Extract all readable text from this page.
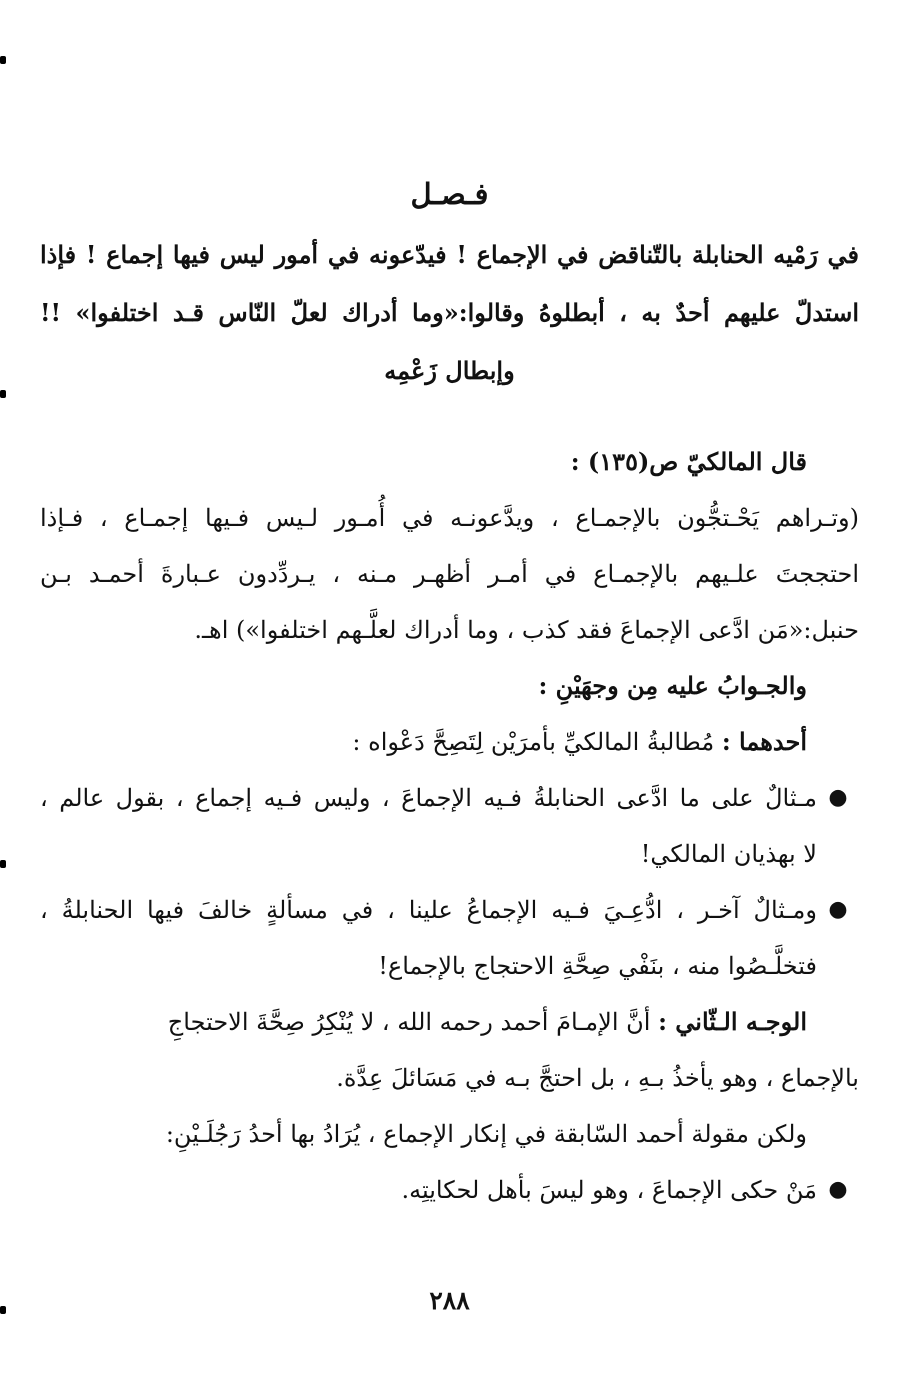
فـصـل
في رَمْيه الحنابلة بالتّناقض في الإجماع ! فيدّعونه في أمور ليس فيها إجماع ! فإذا استدلّ عليهم أحدٌ به ، أبطلوهُ وقالوا:«وما أدراك لعلّ النّاس قـد اختلفوا» !! وإبطال زَعْمِه
قال المالكيّ ص(١٣٥) :
(وتـراهم يَحْـتجُّون بالإجمـاع ، ويدَّعونـه في أُمـور لـيس فـيها إجمـاع ، فـإذا
احتججتَ علـيهم بالإجمـاع في أمـر أظهـر مـنه ، يـردِّدون عـبارةَ أحمـد بـن
حنبل:«مَن ادَّعى الإجماعَ فقد كذب ، وما أدراك لعلَّـهم اختلفوا») اهـ.
والجـوابُ عليه مِن وجهَيْنِ :
أحدهما : مُطالبةُ المالكيِّ بأمرَيْن لِتَصِحَّ دَعْواه :
●
مـثالٌ على ما ادَّعى الحنابلةُ فـيه الإجماعَ ، وليس فـيه إجماع ، بقول عالم ،
لا بهذيان المالكي!
●
ومـثالٌ آخـر ، ادُّعِـيَ فـيه الإجماعُ علينا ، في مسألةٍ خالفَ فيها الحنابلةُ ،
فتخلَّـصُوا منه ، بنَفْي صِحَّةِ الاحتجاج بالإجماع!
الوجـه الـثّاني : أنَّ الإمـامَ أحمد رحمه الله ، لا يُنْكِرُ صِحَّةَ الاحتجاجِ
بالإجماع ، وهو يأخذُ بـهِ ، بل احتجَّ بـه في مَسَائلَ عِدَّة.
ولكن مقولة أحمد السّابقة في إنكار الإجماع ، يُرَادُ بها أحدُ رَجُلَـيْنِ:
●
مَنْ حكى الإجماعَ ، وهو ليسَ بأهل لحكايتِه.
٢٨٨
